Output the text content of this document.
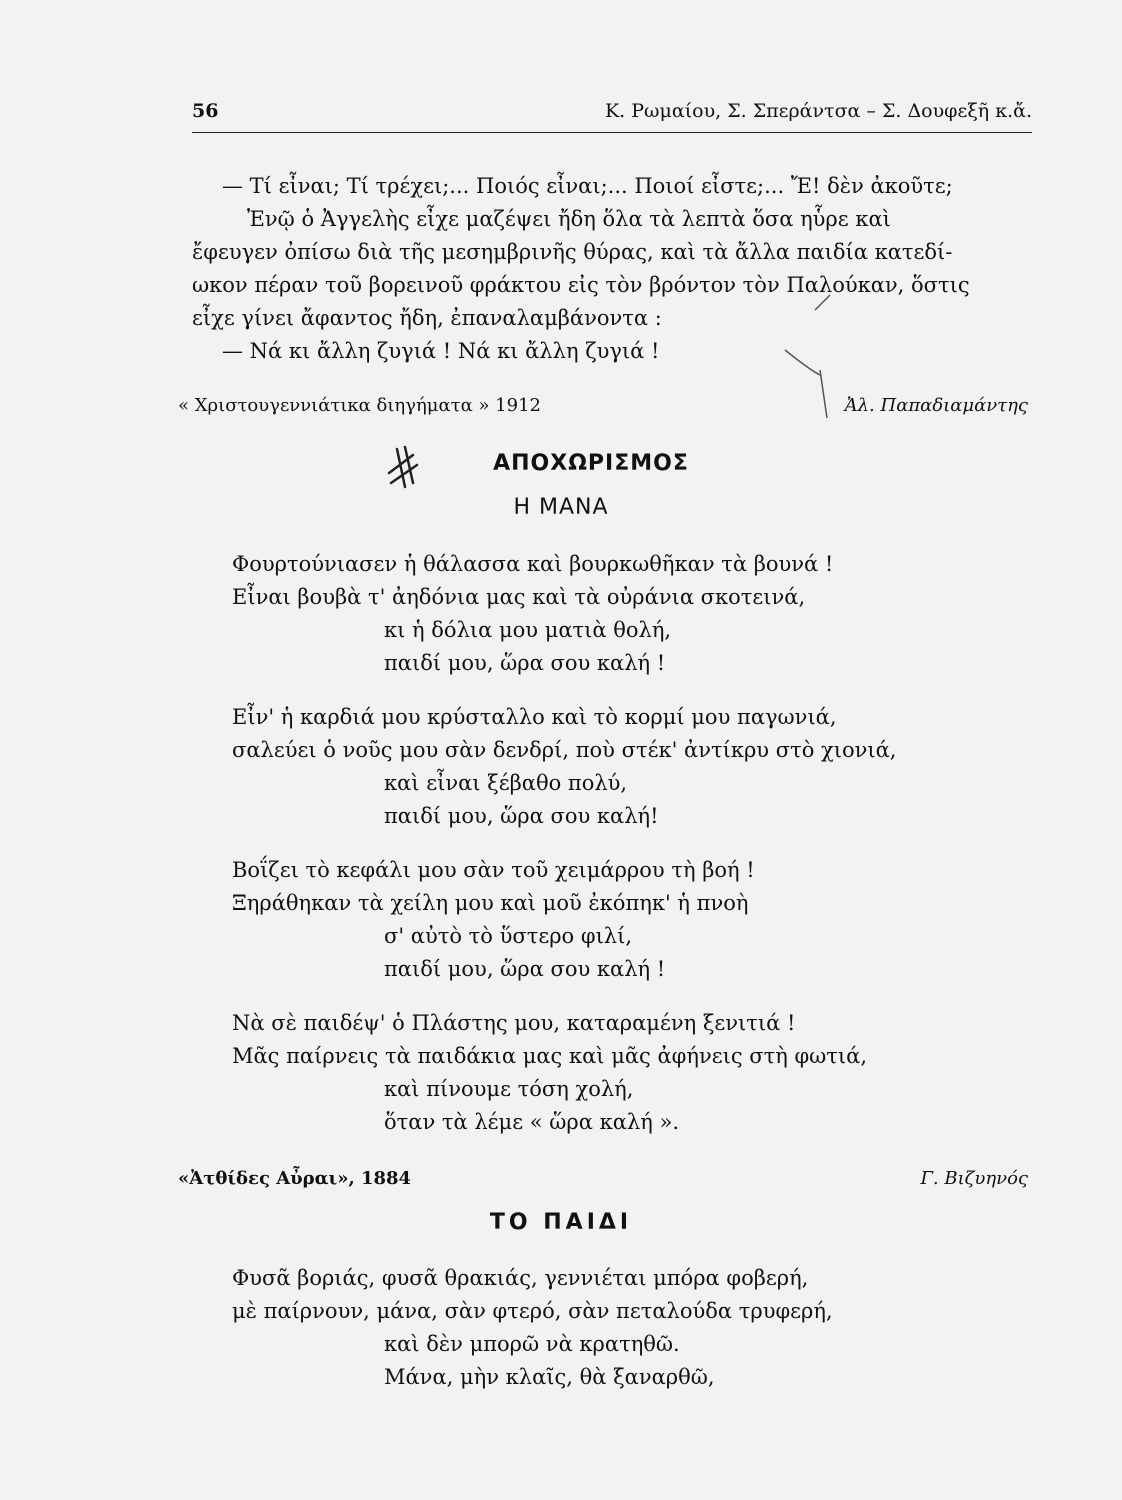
56	Κ. Ρωμαίου, Σ. Σπεράντσα – Σ. Δουφεξῆ κ.ἄ.

— Τί εἶναι; Τί τρέχει;... Ποιός εἶναι;... Ποιοί εἶστε;... Ἔ! δὲν ἀκοῦτε;

Ἐνῷ ὁ Ἀγγελὴς εἶχε μαζέψει ἤδη ὅλα τὰ λεπτὰ ὅσα ηὗρε καὶ

ἔφευγεν ὀπίσω διὰ τῆς μεσημβρινῆς θύρας, καὶ τὰ ἄλλα παιδία κατεδί-

ωκον πέραν τοῦ βορεινοῦ φράκτου εἰς τὸν βρόντον τὸν Παλούκαν, ὅστις

εἶχε γίνει ἄφαντος ἤδη, ἐπαναλαμβάνοντα :

— Νά κι ἄλλη ζυγιά ! Νά κι ἄλλη ζυγιά !

« Χριστουγεννιάτικα διηγήματα » 1912	Ἀλ. Παπαδιαμάντης
ΑΠΟΧΩΡΙΣΜΟΣ
Η ΜΑΝΑ

Φουρτούνιασεν ἡ θάλασσα καὶ βουρκωθῆκαν τὰ βουνά !

Εἶναι βουβὰ τ' ἀηδόνια μας καὶ τὰ οὐράνια σκοτεινά,

κι ἡ δόλια μου ματιὰ θολή,

παιδί μου, ὥρα σου καλή !

Εἶν' ἡ καρδιά μου κρύσταλλο καὶ τὸ κορμί μου παγωνιά,

σαλεύει ὁ νοῦς μου σὰν δενδρί, ποὺ στέκ' ἀντίκρυ στὸ χιονιά,

καὶ εἶναι ξέβαθο πολύ,

παιδί μου, ὥρα σου καλή!

Βοΐζει τὸ κεφάλι μου σὰν τοῦ χειμάρρου τὴ βοή !

Ξηράθηκαν τὰ χείλη μου καὶ μοῦ ἐκόπηκ' ἡ πνοὴ

σ' αὐτὸ τὸ ὕστερο φιλί,

παιδί μου, ὥρα σου καλή !

Νὰ σὲ παιδέψ' ὁ Πλάστης μου, καταραμένη ξενιτιά !

Μᾶς παίρνεις τὰ παιδάκια μας καὶ μᾶς ἀφήνεις στὴ φωτιά,

καὶ πίνουμε τόση χολή,

ὅταν τὰ λέμε « ὥρα καλή ».

«Ἀτθίδες Αὖραι», 1884	Γ. Βιζυηνός
ΤΟ ΠΑΙΔΙ

Φυσᾶ βοριάς, φυσᾶ θρακιάς, γεννιέται μπόρα φοβερή,

μὲ παίρνουν, μάνα, σὰν φτερό, σὰν πεταλούδα τρυφερή,

καὶ δὲν μπορῶ νὰ κρατηθῶ.

Μάνα, μὴν κλαῖς, θὰ ξαναρθῶ,
